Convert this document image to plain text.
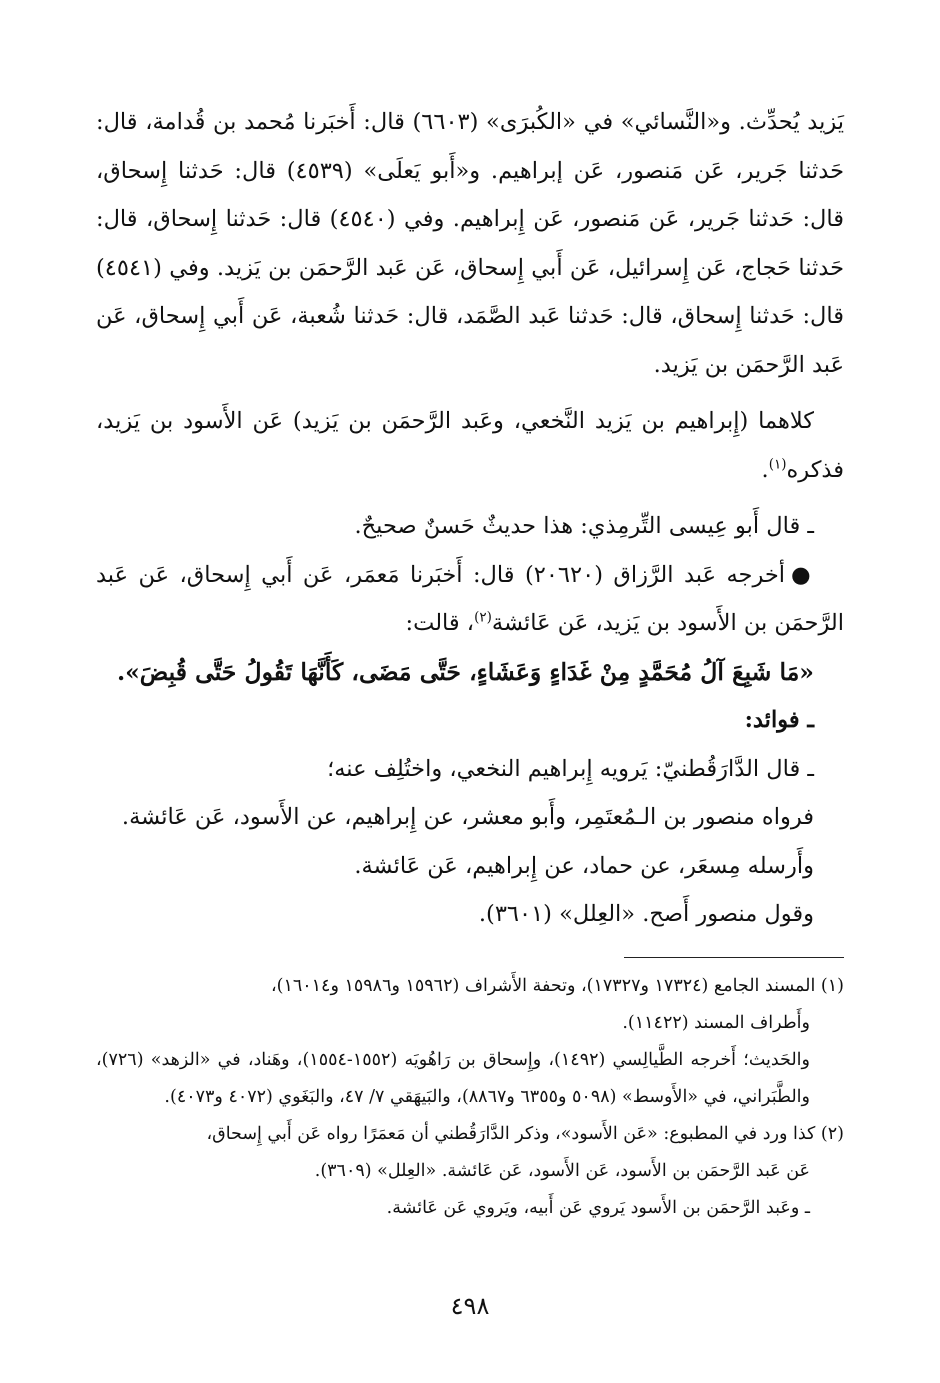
يَزيد يُحدِّث. و«النَّسائي» في «الكُبرَى» (٦٦٠٣) قال: أَخبَرنا مُحمد بن قُدامة، قال: حَدثنا جَرير، عَن مَنصور، عَن إبراهيم. و«أَبو يَعلَى» (٤٥٣٩) قال: حَدثنا إِسحاق، قال: حَدثنا جَرير، عَن مَنصور، عَن إِبراهيم. وفي (٤٥٤٠) قال: حَدثنا إِسحاق، قال: حَدثنا حَجاج، عَن إِسرائيل، عَن أَبي إِسحاق، عَن عَبد الرَّحمَن بن يَزيد. وفي (٤٥٤١) قال: حَدثنا إِسحاق، قال: حَدثنا عَبد الصَّمَد، قال: حَدثنا شُعبة، عَن أَبي إِسحاق، عَن عَبد الرَّحمَن بن يَزيد.

كلاهما (إِبراهيم بن يَزيد النَّخعي، وعَبد الرَّحمَن بن يَزيد) عَن الأَسود بن يَزيد، فذكره$^{(١)}$.

ـ قال أَبو عِيسى التِّرمِذي: هذا حديثٌ حَسنٌ صحيحٌ.

●أخرجه عَبد الرَّزاق (٢٠٦٢٠) قال: أَخبَرنا مَعمَر، عَن أَبي إِسحاق، عَن عَبد الرَّحمَن بن الأَسود بن يَزيد، عَن عَائشة$^{(٢)}$، قالت:

«مَا شَبِعَ آلُ مُحَمَّدٍ مِنْ غَدَاءٍ وَعَشَاءٍ، حَتَّى مَضَى، كَأَنَّهَا تَقُولُ حَتَّى قُبِضَ».

ـ فوائد:

ـ قال الدَّارَقُطنيّ: يَرويه إِبراهيم النخعي، واختُلِف عنه؛

فرواه منصور بن الـمُعتَمِر، وأَبو معشر، عن إِبراهيم، عن الأَسود، عَن عَائشة.

وأَرسله مِسعَر، عن حماد، عن إِبراهيم، عَن عَائشة.

وقول منصور أَصح. «العِلل» (٣٦٠١).

(١) المسند الجامع (١٧٣٢٤ و١٧٣٢٧)، وتحفة الأَشراف (١٥٩٦٢ و١٥٩٨٦ و١٦٠١٤)،

وأَطراف المسند (١١٤٢٢).

والحَديث؛ أَخرجه الطَّيالِسي (١٤٩٢)، وإِسحاق بن رَاهُويَه (١٥٥٢-١٥٥٤)، وهَناد، في «الزهد» (٧٢٦)، والطَّبَراني، في «الأَوسط» (٥٠٩٨ و٦٣٥٥ و٨٨٦٧)، والبَيهَقي ٧/ ٤٧، والبَغَوي (٤٠٧٢ و٤٠٧٣).

(٢) كذا ورد في المطبوع: «عَن الأَسود»، وذكر الدَّارَقُطني أن مَعمَرًا رواه عَن أَبي إِسحاق،

عَن عَبد الرَّحمَن بن الأَسود، عَن الأَسود، عَن عَائشة. «العِلل» (٣٦٠٩).

ـ وعَبد الرَّحمَن بن الأَسود يَروي عَن أَبيه، ويَروي عَن عَائشة.

٤٩٨
